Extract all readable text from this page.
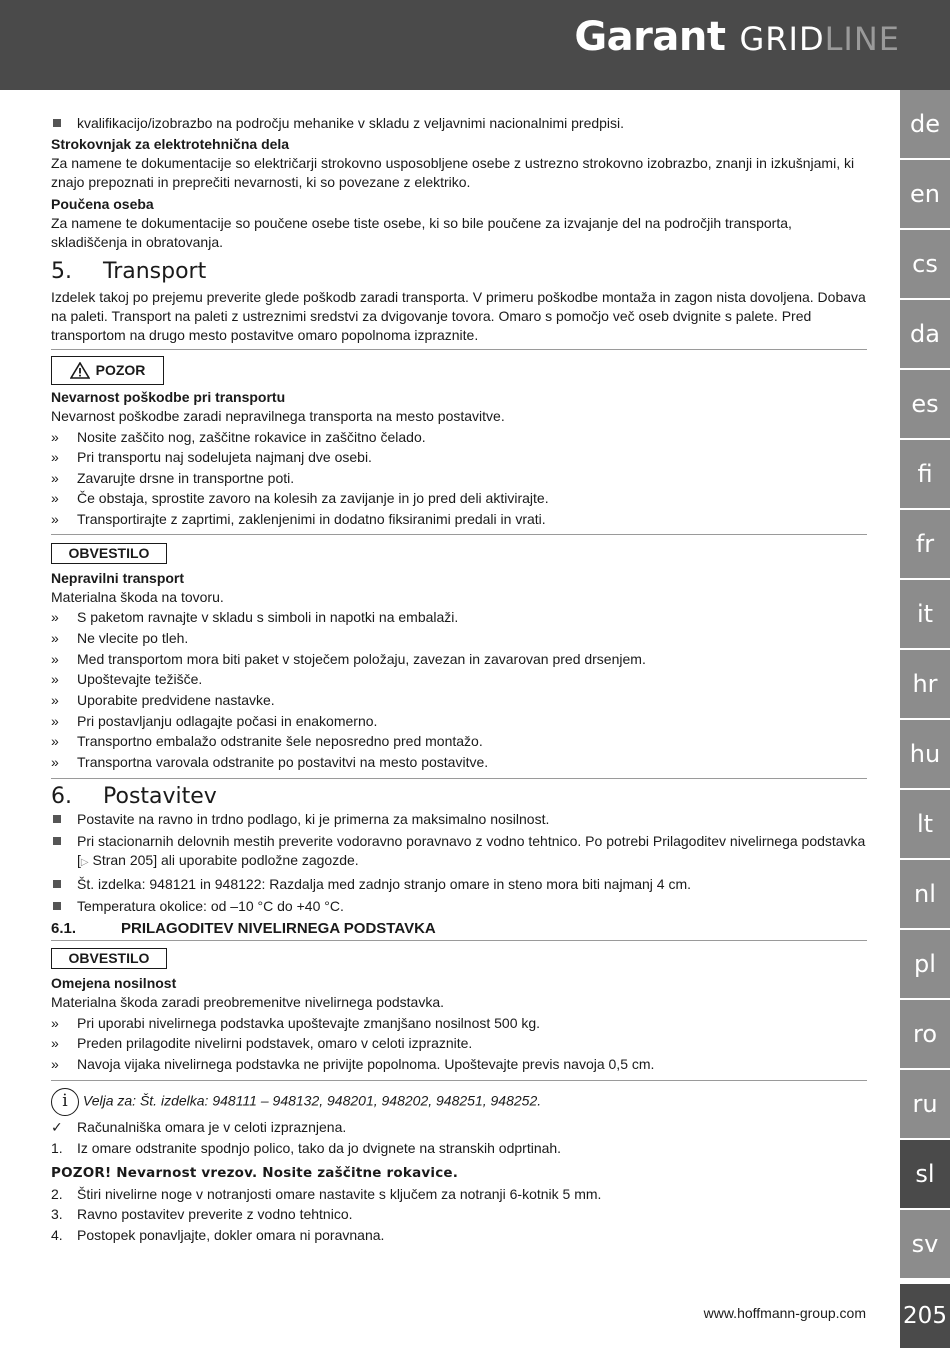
Garant GRID LINE
de
en
cs
da
es
fi
fr
it
hr
hu
lt
nl
pl
ro
ru
sl
sv
205
www.hoffmann-group.com
kvalifikacijo/izobrazbo na področju mehanike v skladu z veljavnimi nacionalnimi predpisi.

Strokovnjak za elektrotehnična dela

Za namene te dokumentacije so električarji strokovno usposobljene osebe z ustrezno strokovno izobrazbo, znanji in izkušnjami, ki znajo prepoznati in preprečiti nevarnosti, ki so povezane z elektriko.

Poučena oseba

Za namene te dokumentacije so poučene osebe tiste osebe, ki so bile poučene za izvajanje del na področjih transporta, skladiščenja in obratovanja.

5.	Transport

Izdelek takoj po prejemu preverite glede poškodb zaradi transporta. V primeru poškodbe montaža in zagon nista dovoljena. Dobava na paleti. Transport na paleti z ustreznimi sredstvi za dvigovanje tovora. Omaro s pomočjo več oseb dvignite s palete. Pred transportom na drugo mesto postavitve omaro popolnoma izpraznite.

POZOR

Nevarnost poškodbe pri transportu

Nevarnost poškodbe zaradi nepravilnega transporta na mesto postavitve.

»	Nosite zaščito nog, zaščitne rokavice in zaščitno čelado.
»	Pri transportu naj sodelujeta najmanj dve osebi.
»	Zavarujte drsne in transportne poti.
»	Če obstaja, sprostite zavoro na kolesih za zavijanje in jo pred deli aktivirajte.
»	Transportirajte z zaprtimi, zaklenjenimi in dodatno fiksiranimi predali in vrati.
OBVESTILO

Nepravilni transport

Materialna škoda na tovoru.

»	S paketom ravnajte v skladu s simboli in napotki na embalaži.
»	Ne vlecite po tleh.
»	Med transportom mora biti paket v stoječem položaju, zavezan in zavarovan pred drsenjem.
»	Upoštevajte težišče.
»	Uporabite predvidene nastavke.
»	Pri postavljanju odlagajte počasi in enakomerno.
»	Transportno embalažo odstranite šele neposredno pred montažo.
»	Transportna varovala odstranite po postavitvi na mesto postavitve.
6.	Postavitev
Postavite na ravno in trdno podlago, ki je primerna za maksimalno nosilnost.
Pri stacionarnih delovnih mestih preverite vodoravno poravnavo z vodno tehtnico. Po potrebi Prilagoditev nivelirnega podstavka [▷ Stran 205] ali uporabite podložne zagozde.
Št. izdelka: 948121 in 948122: Razdalja med zadnjo stranjo omare in steno mora biti najmanj 4 cm.
Temperatura okolice: od –10 °C do +40 °C.
6.1.	PRILAGODITEV NIVELIRNEGA PODSTAVKA
OBVESTILO

Omejena nosilnost

Materialna škoda zaradi preobremenitve nivelirnega podstavka.

»	Pri uporabi nivelirnega podstavka upoštevajte zmanjšano nosilnost 500 kg.
»	Preden prilagodite nivelirni podstavek, omaro v celoti izpraznite.
»	Navoja vijaka nivelirnega podstavka ne privijte popolnoma. Upoštevajte previs navoja 0,5 cm.
i Velja za: Št. izdelka: 948111 – 948132, 948201, 948202, 948251, 948252.
✓	Računalniška omara je v celoti izpraznjena.
1.	Iz omare odstranite spodnjo polico, tako da jo dvignete na stranskih odprtinah.

POZOR! Nevarnost vrezov. Nosite zaščitne rokavice.

2.	Štiri nivelirne noge v notranjosti omare nastavite s ključem za notranji 6-kotnik 5 mm.
3.	Ravno postavitev preverite z vodno tehtnico.
4.	Postopek ponavljajte, dokler omara ni poravnana.
